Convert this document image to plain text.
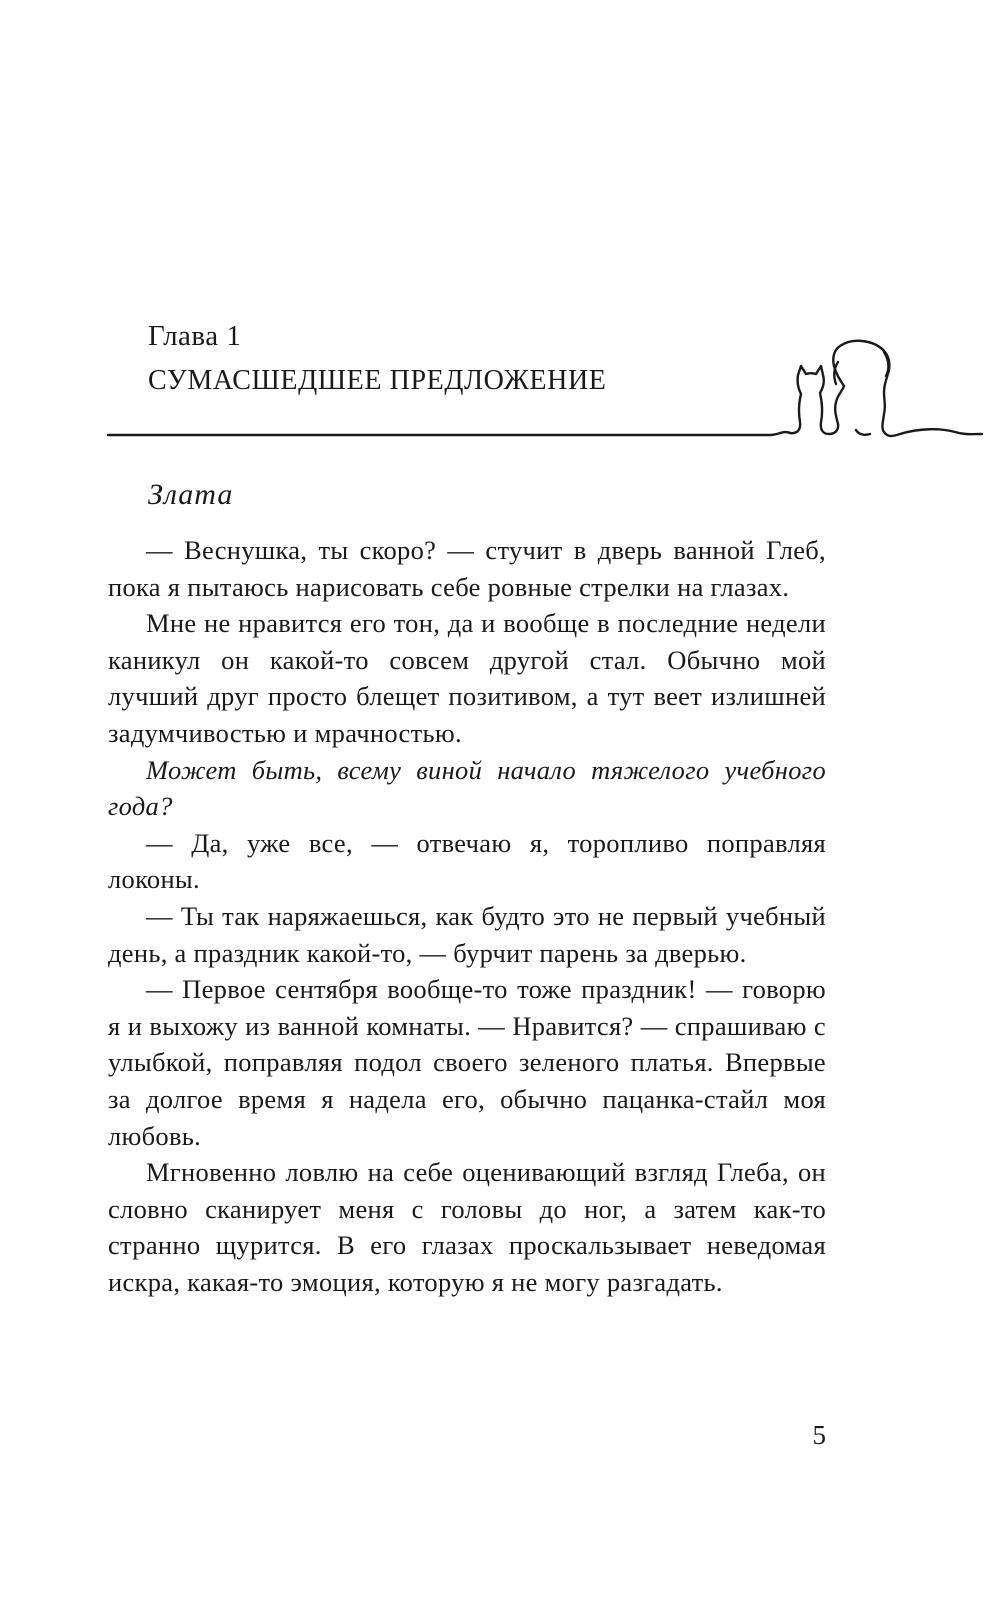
Глава 1

СУМАСШЕДШЕЕ ПРЕДЛОЖЕНИЕ

Злата

— Веснушка, ты скоро? — стучит в дверь ванной Глеб, пока я пытаюсь нарисовать себе ровные стрелки на глазах.

Мне не нравится его тон, да и вообще в последние недели каникул он какой-то совсем другой стал. Обычно мой лучший друг просто блещет позитивом, а тут веет излишней задумчивостью и мрачностью.

Может быть, всему виной начало тяжелого учебного года?

— Да, уже все, — отвечаю я, торопливо поправляя локоны.

— Ты так наряжаешься, как будто это не первый учебный день, а праздник какой-то, — бурчит парень за дверью.

— Первое сентября вообще-то тоже праздник! — говорю я и выхожу из ванной комнаты. — Нравится? — спрашиваю с улыбкой, поправляя подол своего зеленого платья. Впервые за долгое время я надела его, обычно пацанка-стайл моя любовь.

Мгновенно ловлю на себе оценивающий взгляд Глеба, он словно сканирует меня с головы до ног, а затем как-то странно щурится. В его глазах проскальзывает неведомая искра, какая-то эмоция, которую я не могу разгадать.

5
